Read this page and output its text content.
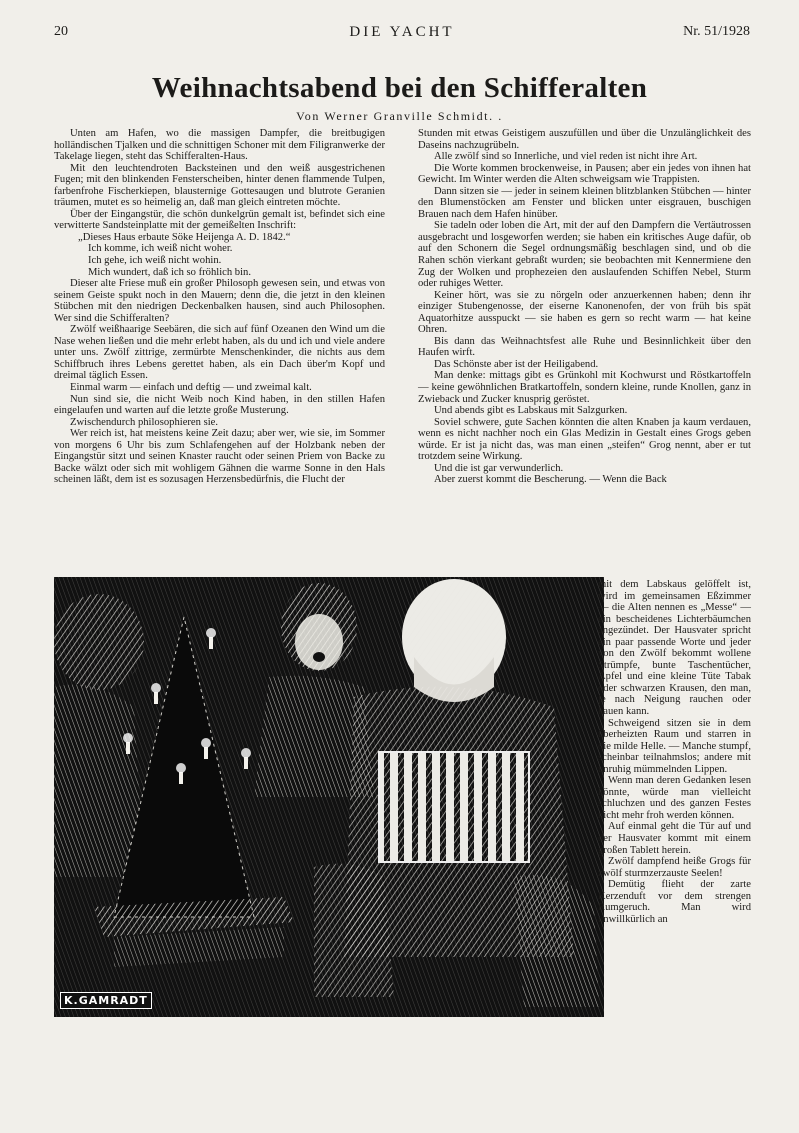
20	DIE YACHT	Nr. 51/1928
Weihnachtsabend bei den Schifferalten
Von Werner Granville Schmidt. .

Unten am Hafen, wo die massigen Dampfer, die breitbugigen holländischen Tjalken und die schnittigen Schoner mit dem Filigranwerke der Takelage liegen, steht das Schifferalten-Haus.

Mit den leuchtendroten Backsteinen und den weiß ausgestrichenen Fugen; mit den blinkenden Fensterscheiben, hinter denen flammende Tulpen, farbenfrohe Fischerkiepen, blausternige Gottesaugen und blutrote Geranien träumen, mutet es so heimelig an, daß man gleich eintreten möchte.

Über der Eingangstür, die schön dunkelgrün gemalt ist, befindet sich eine verwitterte Sandsteinplatte mit der gemeißelten Inschrift:

„Dieses Haus erbaute Söke Heijenga A. D. 1842.“

Ich komme, ich weiß nicht woher.

Ich gehe, ich weiß nicht wohin.

Mich wundert, daß ich so fröhlich bin.

Dieser alte Friese muß ein großer Philosoph gewesen sein, und etwas von seinem Geiste spukt noch in den Mauern; denn die, die jetzt in den kleinen Stübchen mit den niedrigen Deckenbalken hausen, sind auch Philosophen. Wer sind die Schifferalten?

Zwölf weißhaarige Seebären, die sich auf fünf Ozeanen den Wind um die Nase wehen ließen und die mehr erlebt haben, als du und ich und viele andere unter uns. Zwölf zittrige, zermürbte Menschenkinder, die nichts aus dem Schiffbruch ihres Lebens gerettet haben, als ein Dach über'm Kopf und dreimal täglich Essen.

Einmal warm — einfach und deftig — und zweimal kalt.

Nun sind sie, die nicht Weib noch Kind haben, in den stillen Hafen eingelaufen und warten auf die letzte große Musterung.

Zwischendurch philosophieren sie.

Wer reich ist, hat meistens keine Zeit dazu; aber wer, wie sie, im Sommer von morgens 6 Uhr bis zum Schlafengehen auf der Holzbank neben der Eingangstür sitzt und seinen Knaster raucht oder seinen Priem von Backe zu Backe wälzt oder sich mit wohligem Gähnen die warme Sonne in den Hals scheinen läßt, dem ist es sozusagen Herzensbedürfnis, die Flucht der

Stunden mit etwas Geistigem auszufüllen und über die Unzulänglichkeit des Daseins nachzugrübeln.

Alle zwölf sind so Innerliche, und viel reden ist nicht ihre Art.

Die Worte kommen brockenweise, in Pausen; aber ein jedes von ihnen hat Gewicht. Im Winter werden die Alten schweigsam wie Trappisten.

Dann sitzen sie — jeder in seinem kleinen blitzblanken Stübchen — hinter den Blumenstöcken am Fenster und blicken unter eisgrauen, buschigen Brauen nach dem Hafen hinüber.

Sie tadeln oder loben die Art, mit der auf den Dampfern die Vertäutrossen ausgebracht und losgeworfen werden; sie haben ein kritisches Auge dafür, ob auf den Schonern die Segel ordnungsmäßig beschlagen sind, und ob die Rahen schön vierkant gebraßt wurden; sie beobachten mit Kennermiene den Zug der Wolken und prophezeien den auslaufenden Schiffen Nebel, Sturm oder ruhiges Wetter.

Keiner hört, was sie zu nörgeln oder anzuerkennen haben; denn ihr einziger Stubengenosse, der eiserne Kanonenofen, der von früh bis spät Aquatorhitze ausspuckt — sie haben es gern so recht warm — hat keine Ohren.

Bis dann das Weihnachtsfest alle Ruhe und Besinnlichkeit über den Haufen wirft.

Das Schönste aber ist der Heiligabend.

Man denke: mittags gibt es Grünkohl mit Kochwurst und Röstkartoffeln — keine gewöhnlichen Bratkartoffeln, sondern kleine, runde Knollen, ganz in Zwieback und Zucker knusprig geröstet.

Und abends gibt es Labskaus mit Salzgurken.

Soviel schwere, gute Sachen könnten die alten Knaben ja kaum verdauen, wenn es nicht nachher noch ein Glas Medizin in Gestalt eines Grogs geben würde. Er ist ja nicht das, was man einen „steifen“ Grog nennt, aber er tut trotzdem seine Wirkung.

Und die ist gar verwunderlich.

Aber zuerst kommt die Bescherung. — Wenn die Back

K.GAMRADT

mit dem Labskaus gelöffelt ist, wird im gemeinsamen Eßzimmer — die Alten nennen es „Messe“ — ein bescheidenes Lichterbäumchen angezündet. Der Hausvater spricht ein paar passende Worte und jeder von den Zwölf bekommt wollene Strümpfe, bunte Taschentücher, Äpfel und eine kleine Tüte Tabak oder schwarzen Krausen, den man, je nach Neigung rauchen oder kauen kann.

Schweigend sitzen sie in dem überheizten Raum und starren in die milde Helle. — Manche stumpf, scheinbar teilnahmslos; andere mit unruhig mümmelnden Lippen.

Wenn man deren Gedanken lesen könnte, würde man vielleicht schluchzen und des ganzen Festes nicht mehr froh werden können.

Auf einmal geht die Tür auf und der Hausvater kommt mit einem großen Tablett herein.

Zwölf dampfend heiße Grogs für zwölf sturmzerzauste Seelen!

Demütig flieht der zarte Kerzenduft vor dem strengen Rumgeruch. Man wird unwillkürlich an
